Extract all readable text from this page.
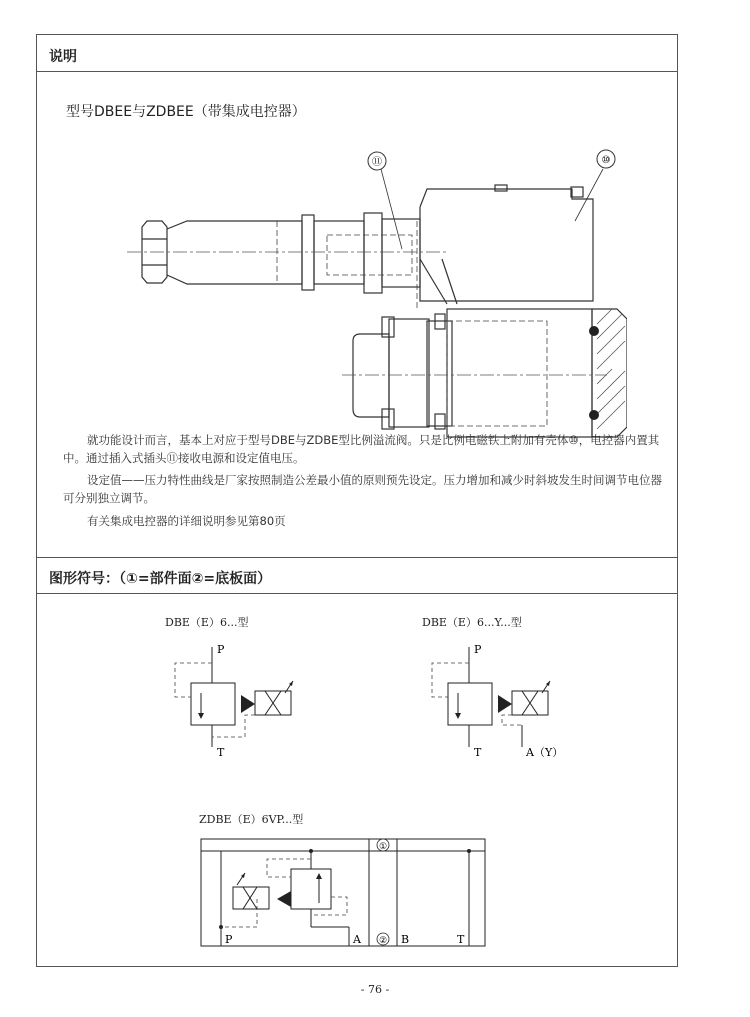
说明
型号DBEE与ZDBEE（带集成电控器）
⑪	⑩
就功能设计而言，基本上对应于型号DBE与ZDBE型比例溢流阀。只是比例电磁铁上附加有壳体⑩，电控器内置其中。通过插入式插头⑪接收电源和设定值电压。
设定值——压力特性曲线是厂家按照制造公差最小值的原则预先设定。压力增加和减少时斜坡发生时间调节电位器可分别独立调节。
有关集成电控器的详细说明参见第80页
图形符号：（①=部件面②=底板面）
DBE（E）6...型
P
T
DBE（E）6...Y...型
P
T	A（Y）
ZDBE（E）6VP...型
①
②
P	A	B	T
- 76 -
